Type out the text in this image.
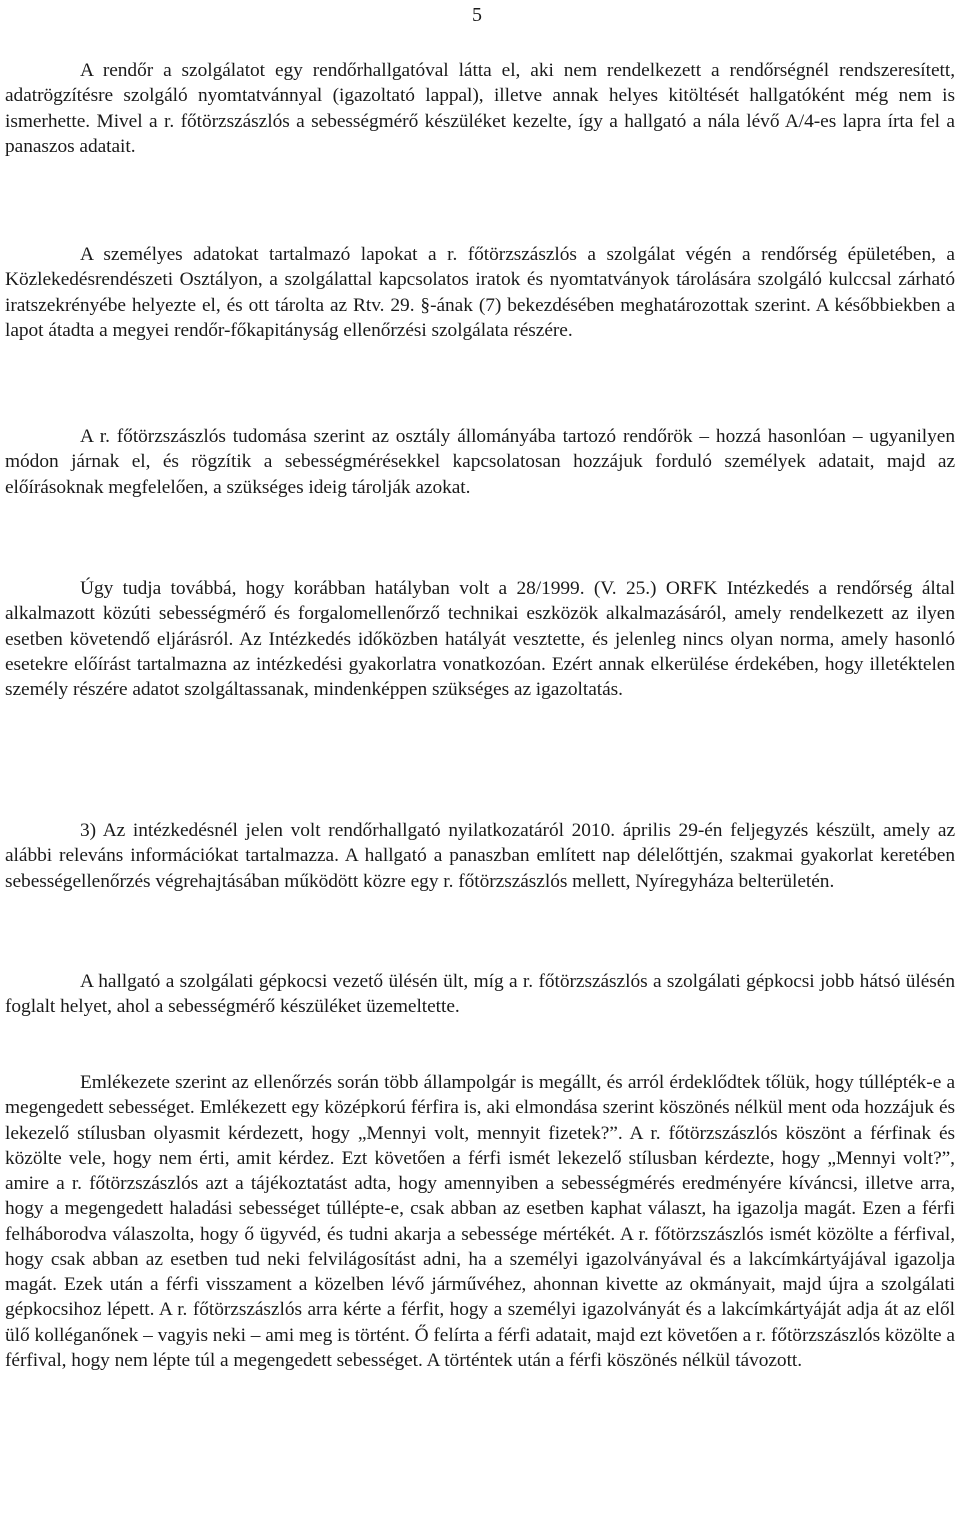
5

A rendőr a szolgálatot egy rendőrhallgatóval látta el, aki nem rendelkezett a rendőrségnél rendszeresített, adatrögzítésre szolgáló nyomtatvánnyal (igazoltató lappal), illetve annak helyes kitöltését hallgatóként még nem is ismerhette. Mivel a r. főtörzszászlós a sebességmérő készüléket kezelte, így a hallgató a nála lévő A/4-es lapra írta fel a panaszos adatait.

A személyes adatokat tartalmazó lapokat a r. főtörzszászlós a szolgálat végén a rendőrség épületében, a Közlekedésrendészeti Osztályon, a szolgálattal kapcsolatos iratok és nyomtatványok tárolására szolgáló kulccsal zárható iratszekrényébe helyezte el, és ott tárolta az Rtv. 29. §-ának (7) bekezdésében meghatározottak szerint. A későbbiekben a lapot átadta a megyei rendőr-főkapitányság ellenőrzési szolgálata részére.

A r. főtörzszászlós tudomása szerint az osztály állományába tartozó rendőrök – hozzá hasonlóan – ugyanilyen módon járnak el, és rögzítik a sebességmérésekkel kapcsolatosan hozzájuk forduló személyek adatait, majd az előírásoknak megfelelően, a szükséges ideig tárolják azokat.

Úgy tudja továbbá, hogy korábban hatályban volt a 28/1999. (V. 25.) ORFK Intézkedés a rendőrség által alkalmazott közúti sebességmérő és forgalomellenőrző technikai eszközök alkalmazásáról, amely rendelkezett az ilyen esetben követendő eljárásról. Az Intézkedés időközben hatályát vesztette, és jelenleg nincs olyan norma, amely hasonló esetekre előírást tartalmazna az intézkedési gyakorlatra vonatkozóan. Ezért annak elkerülése érdekében, hogy illetéktelen személy részére adatot szolgáltassanak, mindenképpen szükséges az igazoltatás.

3) Az intézkedésnél jelen volt rendőrhallgató nyilatkozatáról 2010. április 29-én feljegyzés készült, amely az alábbi releváns információkat tartalmazza. A hallgató a panaszban említett nap délelőttjén, szakmai gyakorlat keretében sebességellenőrzés végrehajtásában működött közre egy r. főtörzszászlós mellett, Nyíregyháza belterületén.

A hallgató a szolgálati gépkocsi vezető ülésén ült, míg a r. főtörzszászlós a szolgálati gépkocsi jobb hátsó ülésén foglalt helyet, ahol a sebességmérő készüléket üzemeltette.

Emlékezete szerint az ellenőrzés során több állampolgár is megállt, és arról érdeklődtek tőlük, hogy túllépték-e a megengedett sebességet. Emlékezett egy középkorú férfira is, aki elmondása szerint köszönés nélkül ment oda hozzájuk és lekezelő stílusban olyasmit kérdezett, hogy „Mennyi volt, mennyit fizetek?”. A r. főtörzszászlós köszönt a férfinak és közölte vele, hogy nem érti, amit kérdez. Ezt követően a férfi ismét lekezelő stílusban kérdezte, hogy „Mennyi volt?”, amire a r. főtörzszászlós azt a tájékoztatást adta, hogy amennyiben a sebességmérés eredményére kíváncsi, illetve arra, hogy a megengedett haladási sebességet túllépte-e, csak abban az esetben kaphat választ, ha igazolja magát. Ezen a férfi felháborodva válaszolta, hogy ő ügyvéd, és tudni akarja a sebessége mértékét. A r. főtörzszászlós ismét közölte a férfival, hogy csak abban az esetben tud neki felvilágosítást adni, ha a személyi igazolványával és a lakcímkártyájával igazolja magát. Ezek után a férfi visszament a közelben lévő járművéhez, ahonnan kivette az okmányait, majd újra a szolgálati gépkocsihoz lépett. A r. főtörzszászlós arra kérte a férfit, hogy a személyi igazolványát és a lakcímkártyáját adja át az elől ülő kolléganőnek – vagyis neki – ami meg is történt. Ő felírta a férfi adatait, majd ezt követően a r. főtörzszászlós közölte a férfival, hogy nem lépte túl a megengedett sebességet. A történtek után a férfi köszönés nélkül távozott.
